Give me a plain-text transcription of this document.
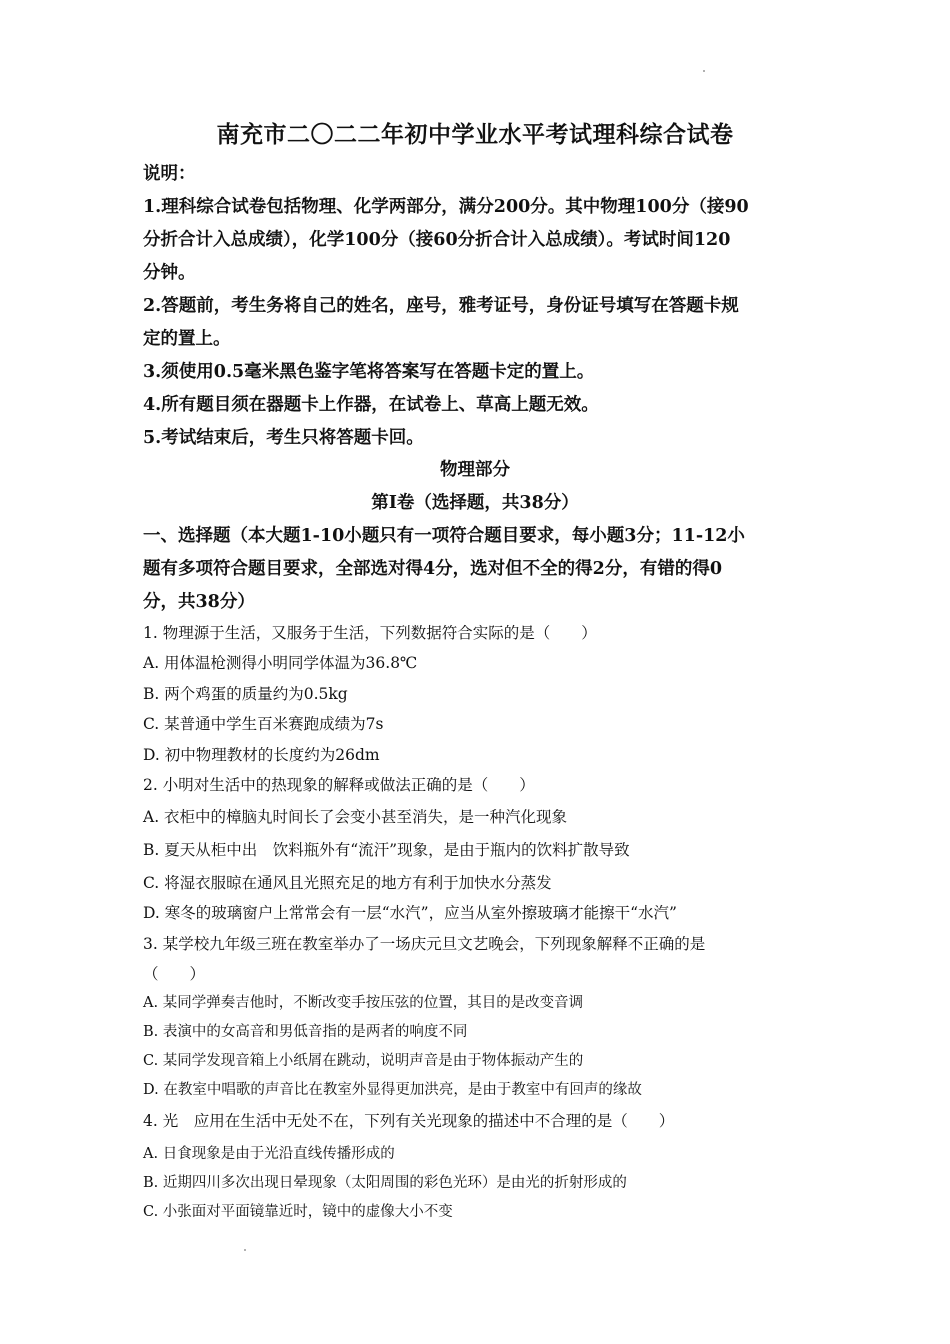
南充市二〇二二年初中学业水平考试理科综合试卷
说明：
1.理科综合试卷包括物理、化学两部分，满分200分。其中物理100分（接90
分折合计入总成绩），化学100分（接60分折合计入总成绩）。考试时间120
分钟。
2.答题前，考生务将自己的姓名，座号，雅考证号，身份证号填写在答题卡规
定的置上。
3.须使用0.5毫米黑色鉴字笔将答案写在答题卡定的置上。
4.所有题目须在器题卡上作器，在试卷上、草高上题无效。
5.考试结束后，考生只将答题卡回。
物理部分
第Ⅰ卷（选择题，共38分）
一、选择题（本大题1-10小题只有一项符合题目要求，每小题3分；11-12小
题有多项符合题目要求，全部选对得4分，选对但不全的得2分，有错的得0
分，共38分）
1. 物理源于生活，又服务于生活，下列数据符合实际的是（　　）
A. 用体温枪测得小明同学体温为36.8℃
B. 两个鸡蛋的质量约为0.5kg
C. 某普通中学生百米赛跑成绩为7s
D. 初中物理教材的长度约为26dm
2. 小明对生活中的热现象的解释或做法正确的是（　　）
A. 衣柜中的樟脑丸时间长了会变小甚至消失，是一种汽化现象
B. 夏天从柜中出　饮料瓶外有“流汗”现象，是由于瓶内的饮料扩散导致
C. 将湿衣服晾在通风且光照充足的地方有利于加快水分蒸发
D. 寒冬的玻璃窗户上常常会有一层“水汽”，应当从室外擦玻璃才能擦干“水汽”
3. 某学校九年级三班在教室举办了一场庆元旦文艺晚会，下列现象解释不正确的是
（　　）
A. 某同学弹奏吉他时，不断改变手按压弦的位置，其目的是改变音调
B. 表演中的女高音和男低音指的是两者的响度不同
C. 某同学发现音箱上小纸屑在跳动，说明声音是由于物体振动产生的
D. 在教室中唱歌的声音比在教室外显得更加洪亮，是由于教室中有回声的缘故
4. 光　应用在生活中无处不在，下列有关光现象的描述中不合理的是（　　）
A. 日食现象是由于光沿直线传播形成的
B. 近期四川多次出现日晕现象（太阳周围的彩色光环）是由光的折射形成的
C. 小张面对平面镜靠近时，镜中的虚像大小不变
